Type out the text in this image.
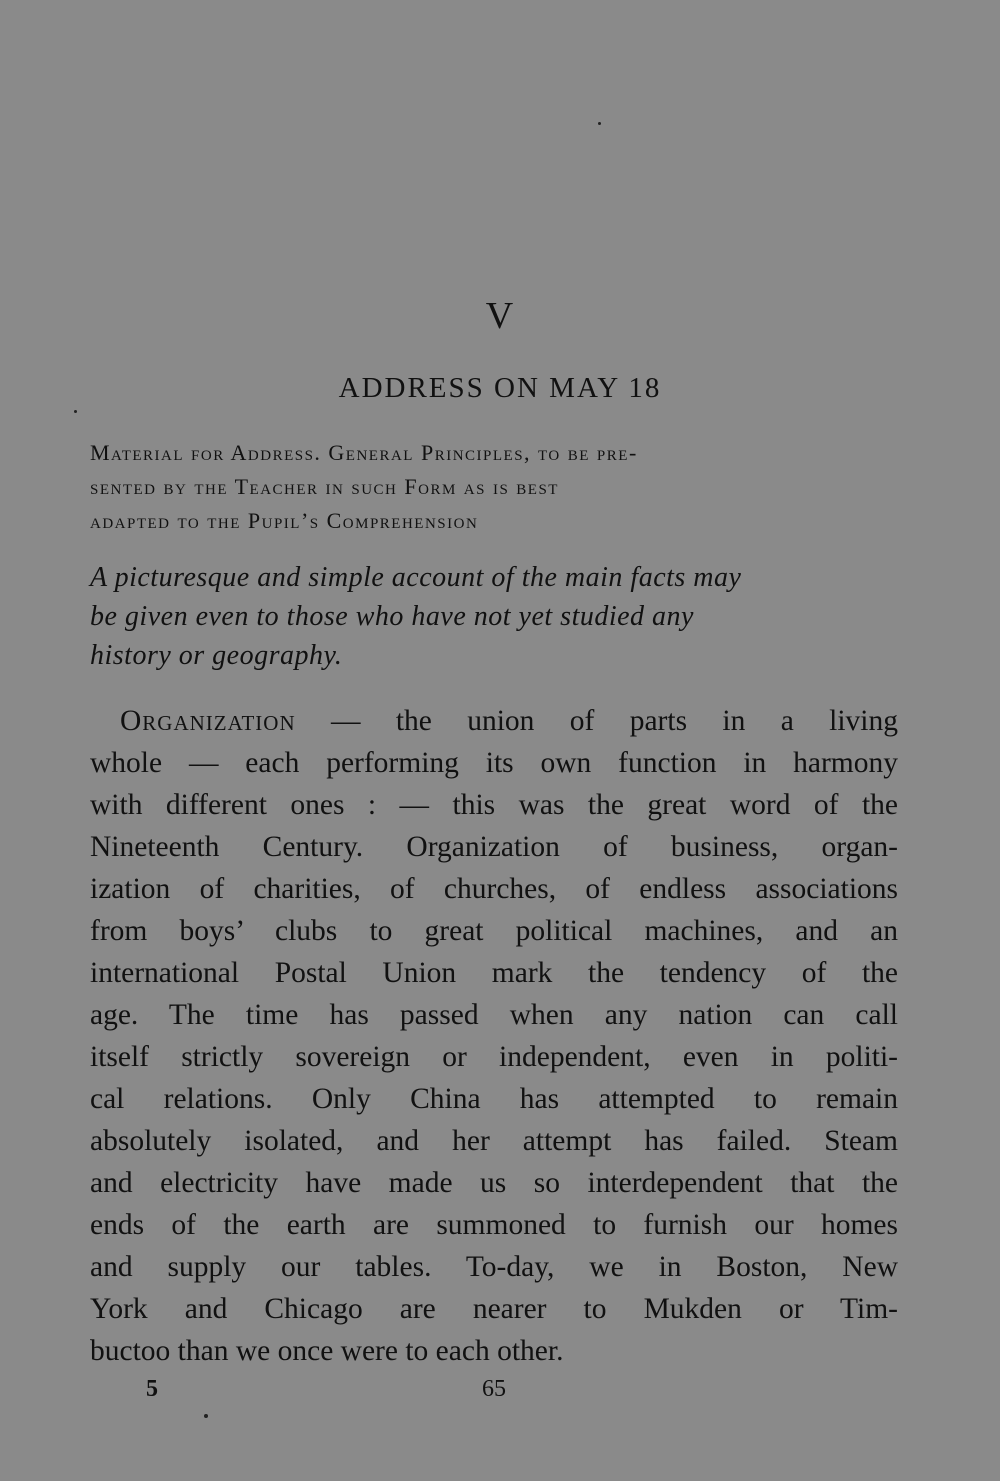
V
ADDRESS ON MAY 18
Material for Address. General Principles, to be pre-
sented by the Teacher in such Form as is best
adapted to the Pupil’s Comprehension
A picturesque and simple account of the main facts may
be given even to those who have not yet studied any
history or geography.
Organization — the union of parts in a living
whole — each performing its own function in harmony
with different ones : — this was the great word of the
Nineteenth Century. Organization of business, organ-
ization of charities, of churches, of endless associations
from boys’ clubs to great political machines, and an
international Postal Union mark the tendency of the
age. The time has passed when any nation can call
itself strictly sovereign or independent, even in politi-
cal relations. Only China has attempted to remain
absolutely isolated, and her attempt has failed. Steam
and electricity have made us so interdependent that the
ends of the earth are summoned to furnish our homes
and supply our tables. To-day, we in Boston, New
York and Chicago are nearer to Mukden or Tim-
buctoo than we once were to each other.
5	65
